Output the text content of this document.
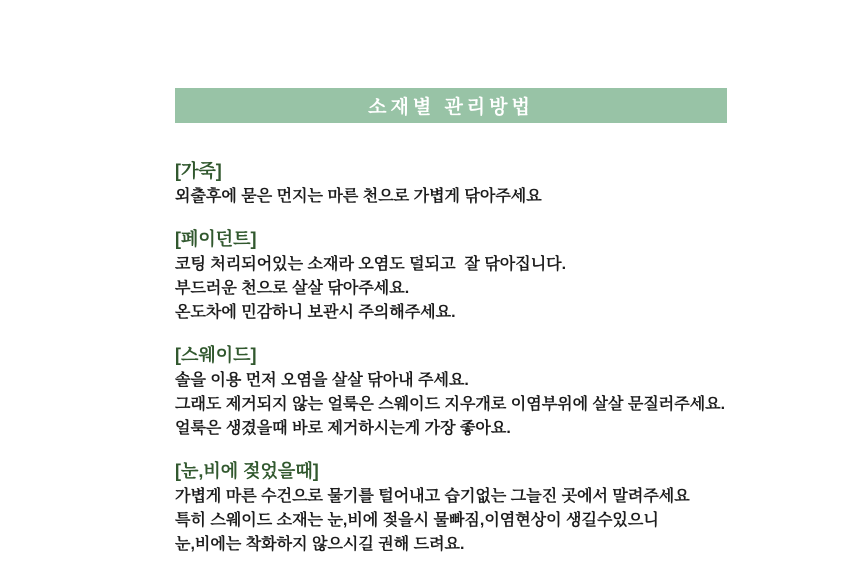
소재별 관리방법
[가죽]
외출후에 묻은 먼지는 마른 천으로 가볍게 닦아주세요
[페이던트]
코팅 처리되어있는 소재라 오염도 덜되고  잘 닦아집니다.
부드러운 천으로 살살 닦아주세요.
온도차에 민감하니 보관시 주의해주세요.
[스웨이드]
솔을 이용 먼저 오염을 살살 닦아내 주세요.
그래도 제거되지 않는 얼룩은 스웨이드 지우개로 이염부위에 살살 문질러주세요.
얼룩은 생겼을때 바로 제거하시는게 가장 좋아요.
[눈,비에 젖었을때]
가볍게 마른 수건으로 물기를 털어내고 습기없는 그늘진 곳에서 말려주세요
특히 스웨이드 소재는 눈,비에 젖을시 물빠짐,이염현상이 생길수있으니
눈,비에는 착화하지 않으시길 권해 드려요.
